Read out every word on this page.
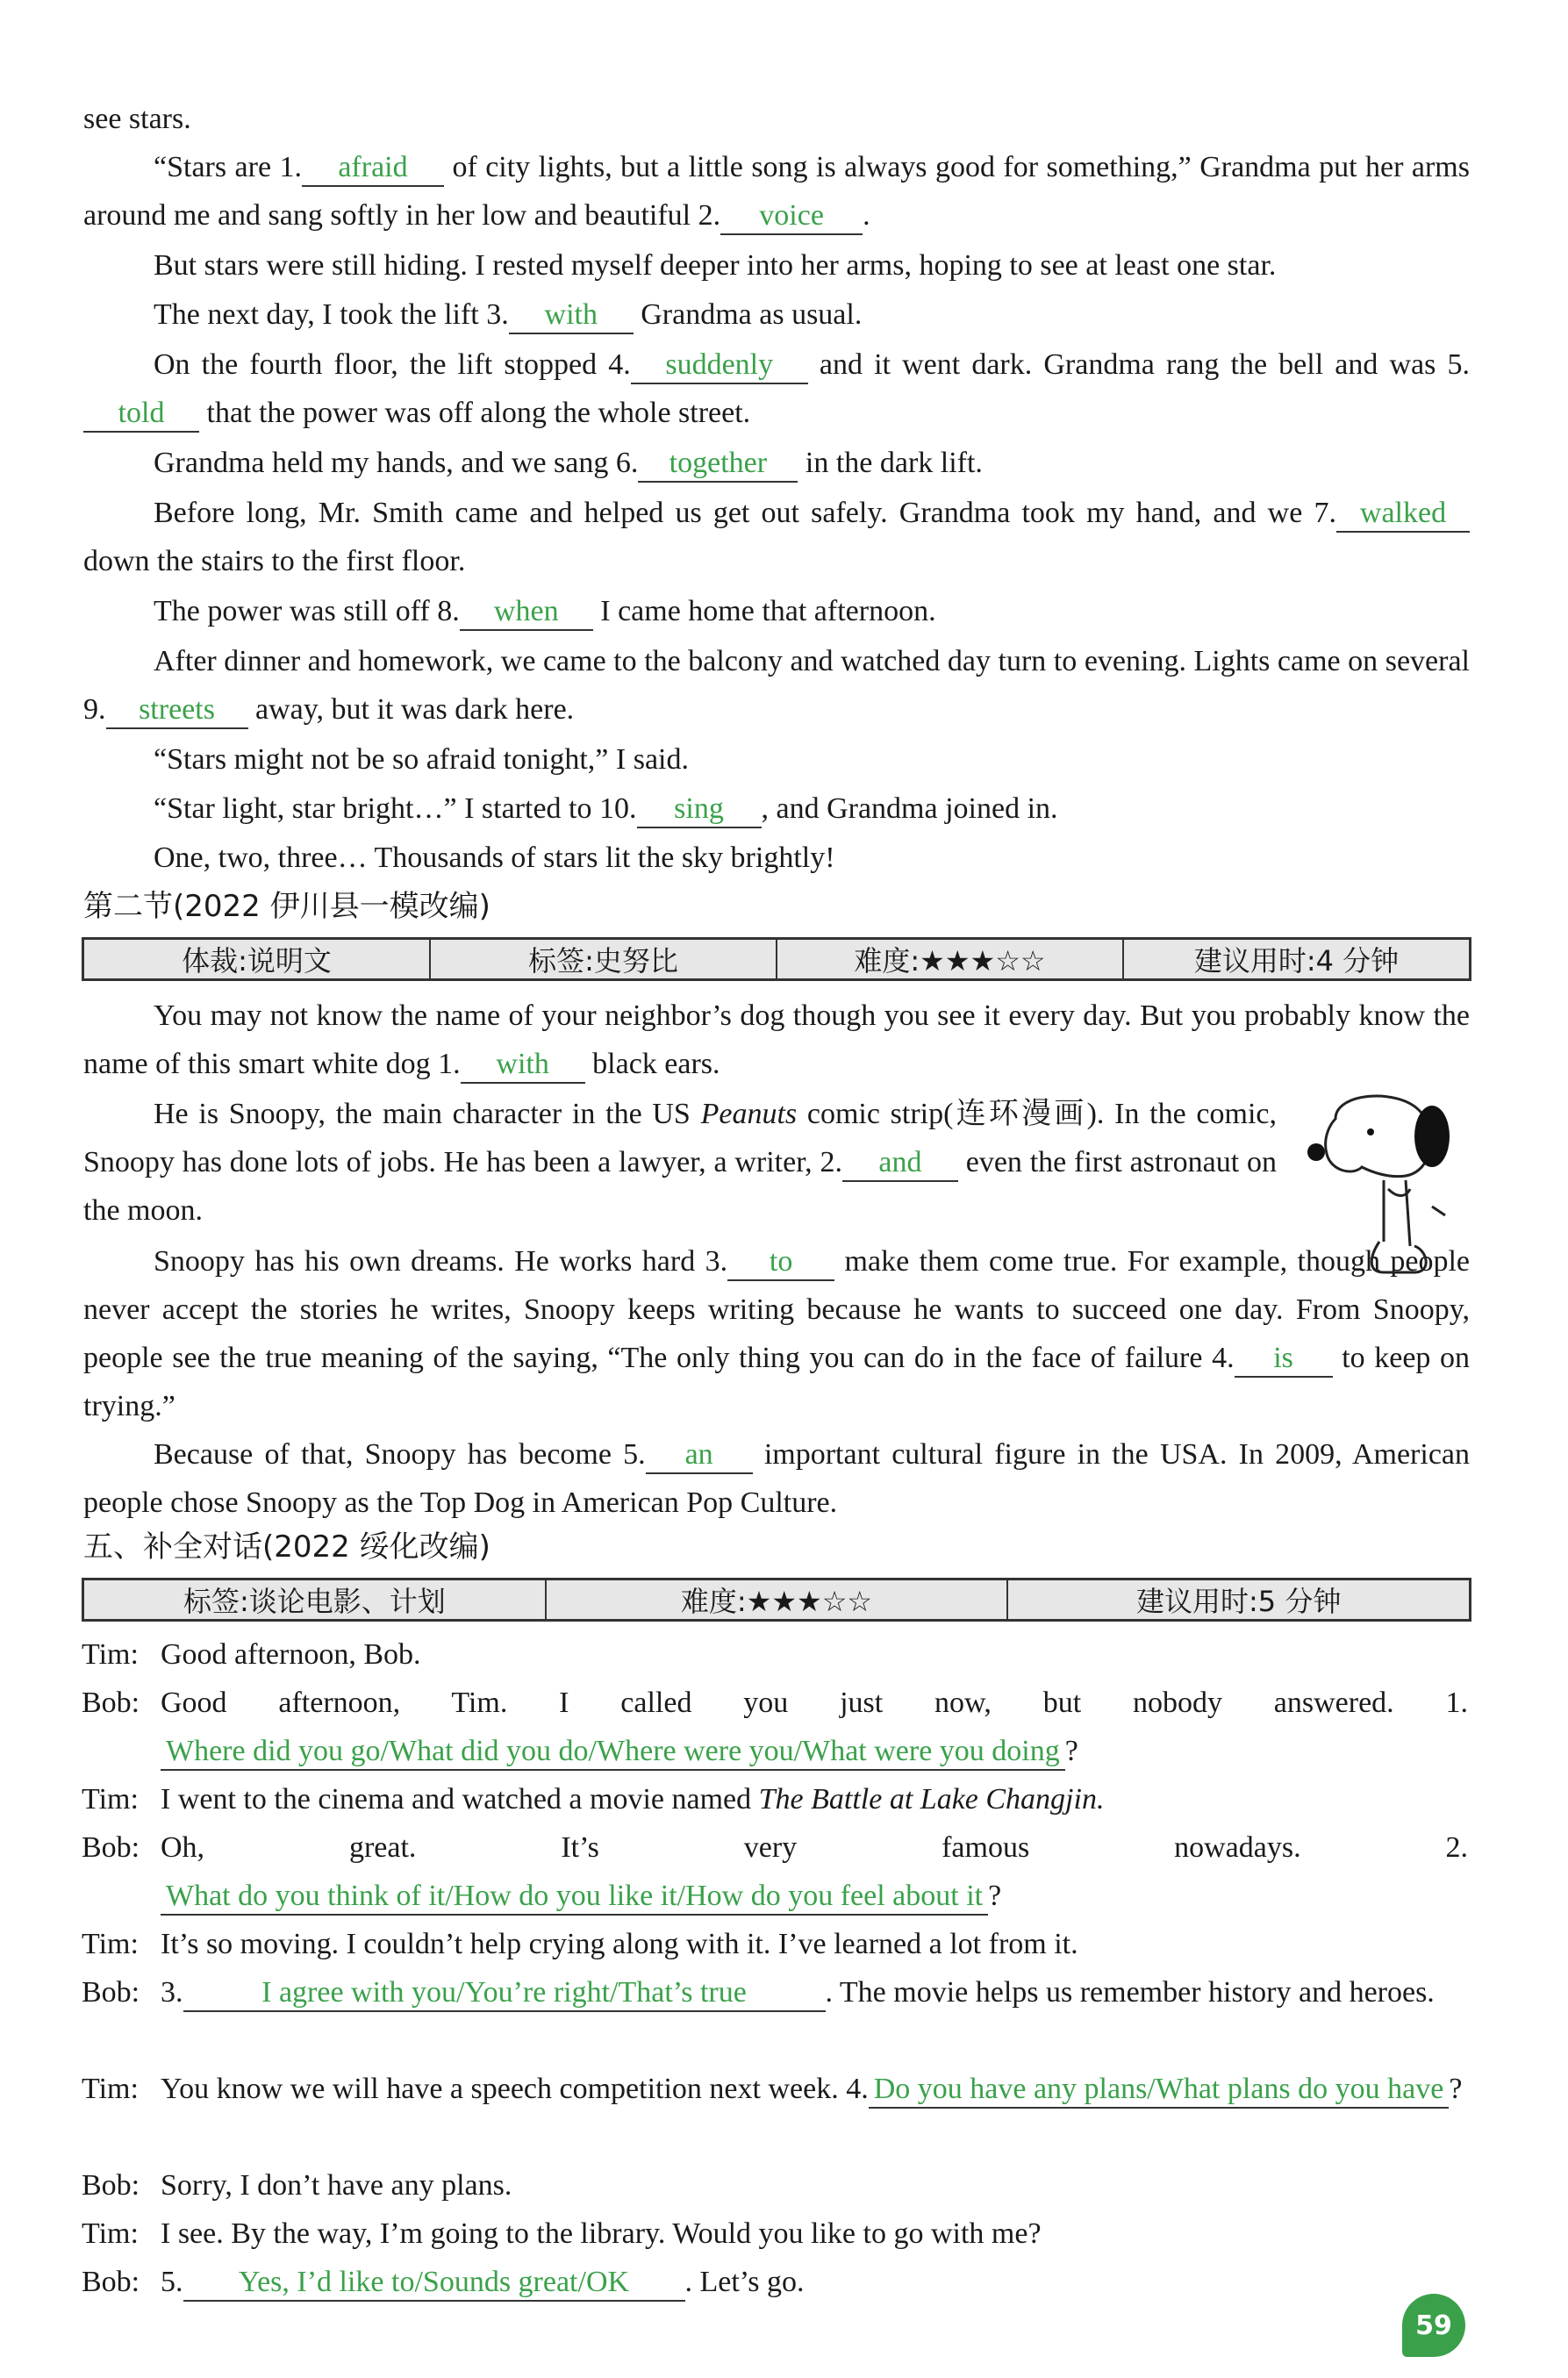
see stars.
“Stars are 1. afraid of city lights, but a little song is always good for something,” Grandma put her arms around me and sang softly in her low and beautiful 2. voice .
But stars were still hiding. I rested myself deeper into her arms, hoping to see at least one star.
The next day, I took the lift 3. with Grandma as usual.
On the fourth floor, the lift stopped 4. suddenly and it went dark. Grandma rang the bell and was 5.told that the power was off along the whole street.
Grandma held my hands, and we sang 6. together in the dark lift.
Before long, Mr. Smith came and helped us get out safely. Grandma took my hand, and we 7. walked down the stairs to the first floor.
The power was still off 8. when I came home that afternoon.
After dinner and homework, we came to the balcony and watched day turn to evening. Lights came on several 9. streets away, but it was dark here.
“Stars might not be so afraid tonight,” I said.
“Star light, star bright…” I started to 10. sing , and Grandma joined in.
One, two, three… Thousands of stars lit the sky brightly!
第二节(2022 伊川县一模改编)
体裁:说明文	标签:史努比	难度:★★★☆☆	建议用时:4 分钟
You may not know the name of your neighbor’s dog though you see it every day. But you probably know the name of this smart white dog 1. with black ears.
He is Snoopy, the main character in the US Peanuts comic strip(连环漫画). In the comic, Snoopy has done lots of jobs. He has been a lawyer, a writer, 2. and even the first astronaut on the moon.
Snoopy has his own dreams. He works hard 3. to make them come true. For example, though people never accept the stories he writes, Snoopy keeps writing because he wants to succeed one day. From Snoopy, people see the true meaning of the saying, “The only thing you can do in the face of failure 4. is to keep on trying.”
Because of that, Snoopy has become 5. an important cultural figure in the USA. In 2009, American people chose Snoopy as the Top Dog in American Pop Culture.
五、补全对话(2022 绥化改编)
标签:谈论电影、计划	难度:★★★☆☆	建议用时:5 分钟
Tim: Good afternoon, Bob.
Bob: Good afternoon, Tim. I called you just now, but nobody answered. 1.Where did you go/What did you do/Where were you/What were you doing ?
Tim: I went to the cinema and watched a movie named The Battle at Lake Changjin.
Bob: Oh, great. It’s very famous nowadays. 2.What do you think of it/How do you like it/How do you feel about it ?
Tim: It’s so moving. I couldn’t help crying along with it. I’ve learned a lot from it.
Bob: 3.	I agree with you/You’re right/That’s true	. The movie helps us remember history and heroes.
Tim: You know we will have a speech competition next week. 4. Do you have any plans/What plans do you have ?
Bob: Sorry, I don’t have any plans.
Tim: I see. By the way, I’m going to the library. Would you like to go with me?
Bob: 5. Yes, I’d like to/Sounds great/OK . Let’s go.
59
